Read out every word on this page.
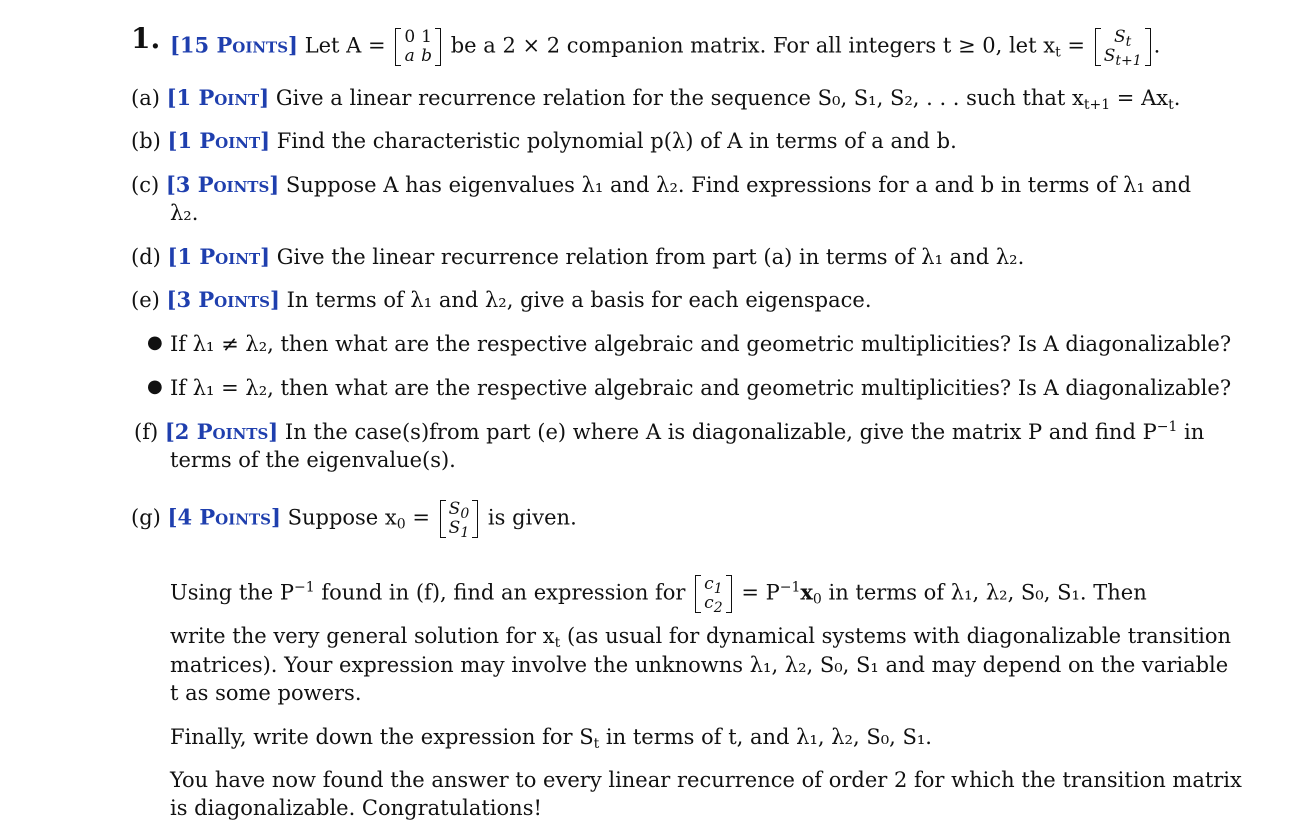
1. [15 Points] Let A = 0	1
a	b be a 2 × 2 companion matrix. For all integers t ≥ 0, let $x_t = S_t$
$S_{t+1}$
.
(a) [1 Point] Give a linear recurrence relation for the sequence S₀, S₁, S₂, . . . such that $x_{t+1} = Ax_t$.
(b) [1 Point] Find the characteristic polynomial p(λ) of A in terms of a and b.
(c) [3 Points] Suppose A has eigenvalues λ₁ and λ₂. Find expressions for a and b in terms of λ₁ and
λ₂.
(d) [1 Point] Give the linear recurrence relation from part (a) in terms of λ₁ and λ₂.
(e) [3 Points] In terms of λ₁ and λ₂, give a basis for each eigenspace.
● If λ₁ ≠ λ₂, then what are the respective algebraic and geometric multiplicities? Is A diagonalizable?
● If λ₁ = λ₂, then what are the respective algebraic and geometric multiplicities? Is A diagonalizable?
(f) [2 Points] In the case(s)from part (e) where A is diagonalizable, give the matrix P and find $P^{-1}$ in
terms of the eigenvalue(s).
(g) [4 Points] Suppose $x_0 = S_0$
$S_1$
is given.
Using the $P^{-1}$ found in (f), find an expression for $c_1$
$c_2$
= $P^{-1}x_0$ in terms of λ₁, λ₂, S₀, S₁. Then
write the very general solution for $x_t$ (as usual for dynamical systems with diagonalizable transition
matrices). Your expression may involve the unknowns λ₁, λ₂, S₀, S₁ and may depend on the variable
t as some powers.
Finally, write down the expression for $S_t$ in terms of t, and λ₁, λ₂, S₀, S₁.
You have now found the answer to every linear recurrence of order 2 for which the transition matrix
is diagonalizable. Congratulations!
